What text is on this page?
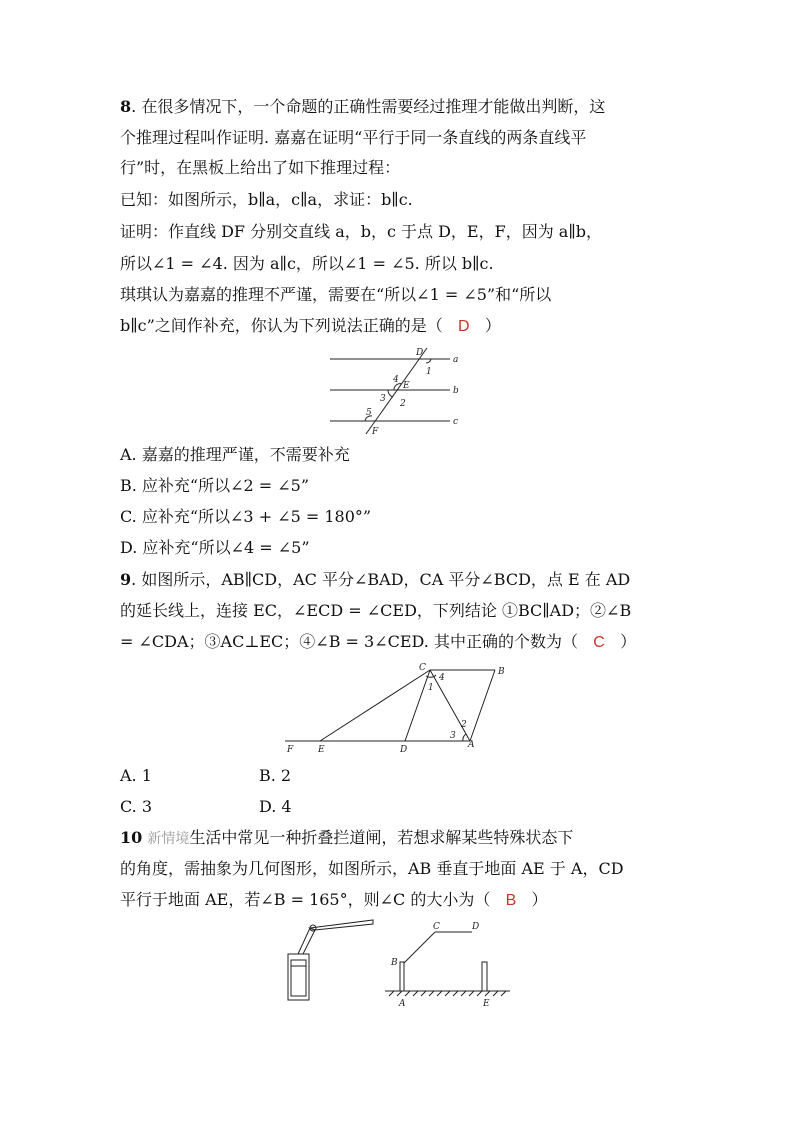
8. 在很多情况下，一个命题的正确性需要经过推理才能做出判断，这
个推理过程叫作证明. 嘉嘉在证明“平行于同一条直线的两条直线平
行”时，在黑板上给出了如下推理过程：
已知：如图所示，b∥a，c∥a，求证：b∥c.
证明：作直线 DF 分别交直线 a，b，c 于点 D，E，F，因为 a∥b，
所以∠1 = ∠4. 因为 a∥c，所以∠1 = ∠5. 所以 b∥c.
琪琪认为嘉嘉的推理不严谨，需要在“所以∠1 = ∠5”和“所以
b∥c”之间作补充，你认为下列说法正确的是（ D ）
D
a
1
4
E	b
3 2
5
c
F
A. 嘉嘉的推理严谨，不需要补充
B. 应补充“所以∠2 = ∠5”
C. 应补充“所以∠3 + ∠5 = 180°”
D. 应补充“所以∠4 = ∠5”
9. 如图所示，AB∥CD，AC 平分∠BAD，CA 平分∠BCD，点 E 在 AD
的延长线上，连接 EC，∠ECD = ∠CED，下列结论 ①BC∥AD；②∠B
= ∠CDA；③AC⊥EC；④∠B = 3∠CED. 其中正确的个数为（ C ）
C	B
4
1
2
3
A
F	E	D
A. 1	B. 2
C. 3	D. 4
10 新情境生活中常见一种折叠拦道闸，若想求解某些特殊状态下
的角度，需抽象为几何图形，如图所示，AB 垂直于地面 AE 于 A，CD
平行于地面 AE，若∠B = 165°，则∠C 的大小为（ B ）
C	D
B
A	E
